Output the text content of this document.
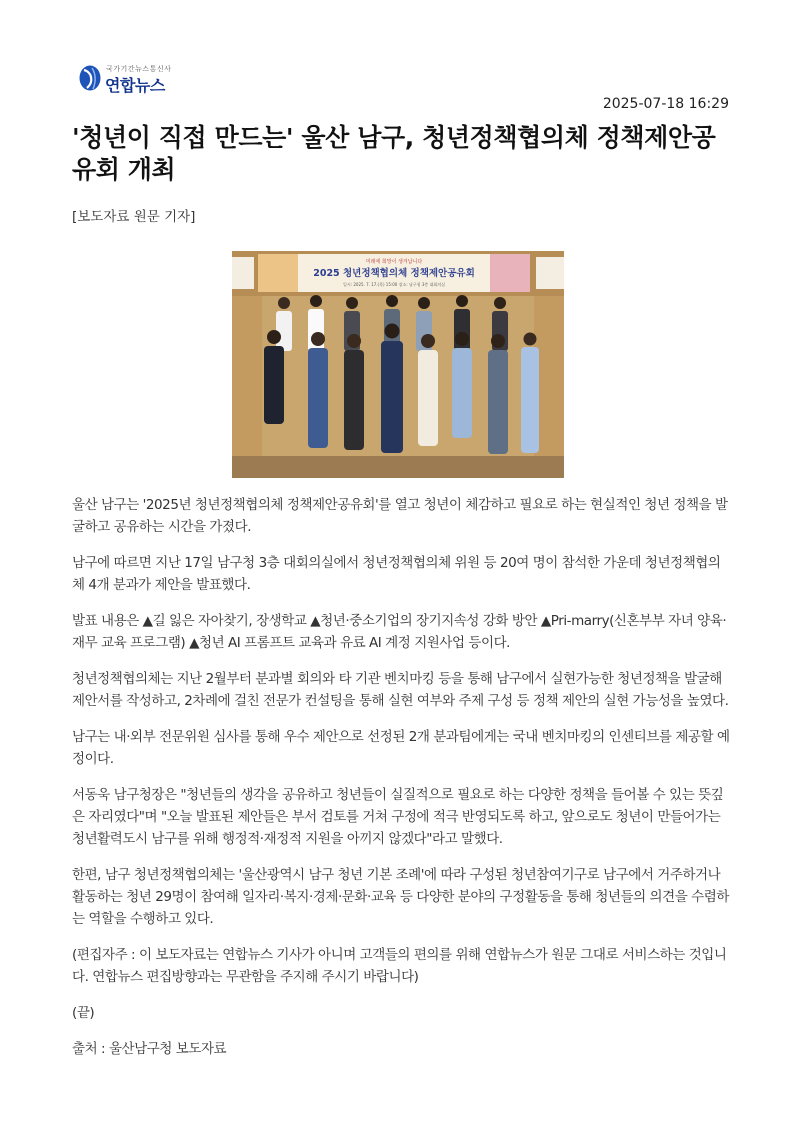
국가기간뉴스통신사
연합뉴스
2025-07-18 16:29
'청년이 직접 만드는' 울산 남구, 청년정책협의체 정책제안공유회 개최
[보도자료 원문 기자]
미래에 희망이 생겨납니다
2025 청년정책협의체 정책제안공유회
일시: 2025. 7. 17.(목) 15:00 장소: 남구청 3층 대회의실

울산 남구는 '2025년 청년정책협의체 정책제안공유회'를 열고 청년이 체감하고 필요로 하는 현실적인 청년 정책을 발굴하고 공유하는 시간을 가졌다.

남구에 따르면 지난 17일 남구청 3층 대회의실에서 청년정책협의체 위원 등 20여 명이 참석한 가운데 청년정책협의체 4개 분과가 제안을 발표했다.

발표 내용은 ▲길 잃은 자아찾기, 장생학교 ▲청년·중소기업의 장기지속성 강화 방안 ▲Pri-marry(신혼부부 자녀 양육·재무 교육 프로그램) ▲청년 AI 프롬프트 교육과 유료 AI 계정 지원사업 등이다.

청년정책협의체는 지난 2월부터 분과별 회의와 타 기관 벤치마킹 등을 통해 남구에서 실현가능한 청년정책을 발굴해 제안서를 작성하고, 2차례에 걸친 전문가 컨설팅을 통해 실현 여부와 주제 구성 등 정책 제안의 실현 가능성을 높였다.

남구는 내·외부 전문위원 심사를 통해 우수 제안으로 선정된 2개 분과팀에게는 국내 벤치마킹의 인센티브를 제공할 예정이다.

서동욱 남구청장은 "청년들의 생각을 공유하고 청년들이 실질적으로 필요로 하는 다양한 정책을 들어볼 수 있는 뜻깊은 자리였다"며 "오늘 발표된 제안들은 부서 검토를 거쳐 구정에 적극 반영되도록 하고, 앞으로도 청년이 만들어가는 청년활력도시 남구를 위해 행정적·재정적 지원을 아끼지 않겠다"라고 말했다.

한편, 남구 청년정책협의체는 '울산광역시 남구 청년 기본 조례'에 따라 구성된 청년참여기구로 남구에서 거주하거나 활동하는 청년 29명이 참여해 일자리·복지·경제·문화·교육 등 다양한 분야의 구정활동을 통해 청년들의 의견을 수렴하는 역할을 수행하고 있다.

(편집자주 : 이 보도자료는 연합뉴스 기사가 아니며 고객들의 편의를 위해 연합뉴스가 원문 그대로 서비스하는 것입니다. 연합뉴스 편집방향과는 무관함을 주지해 주시기 바랍니다)

(끝)

출처 : 울산남구청 보도자료
